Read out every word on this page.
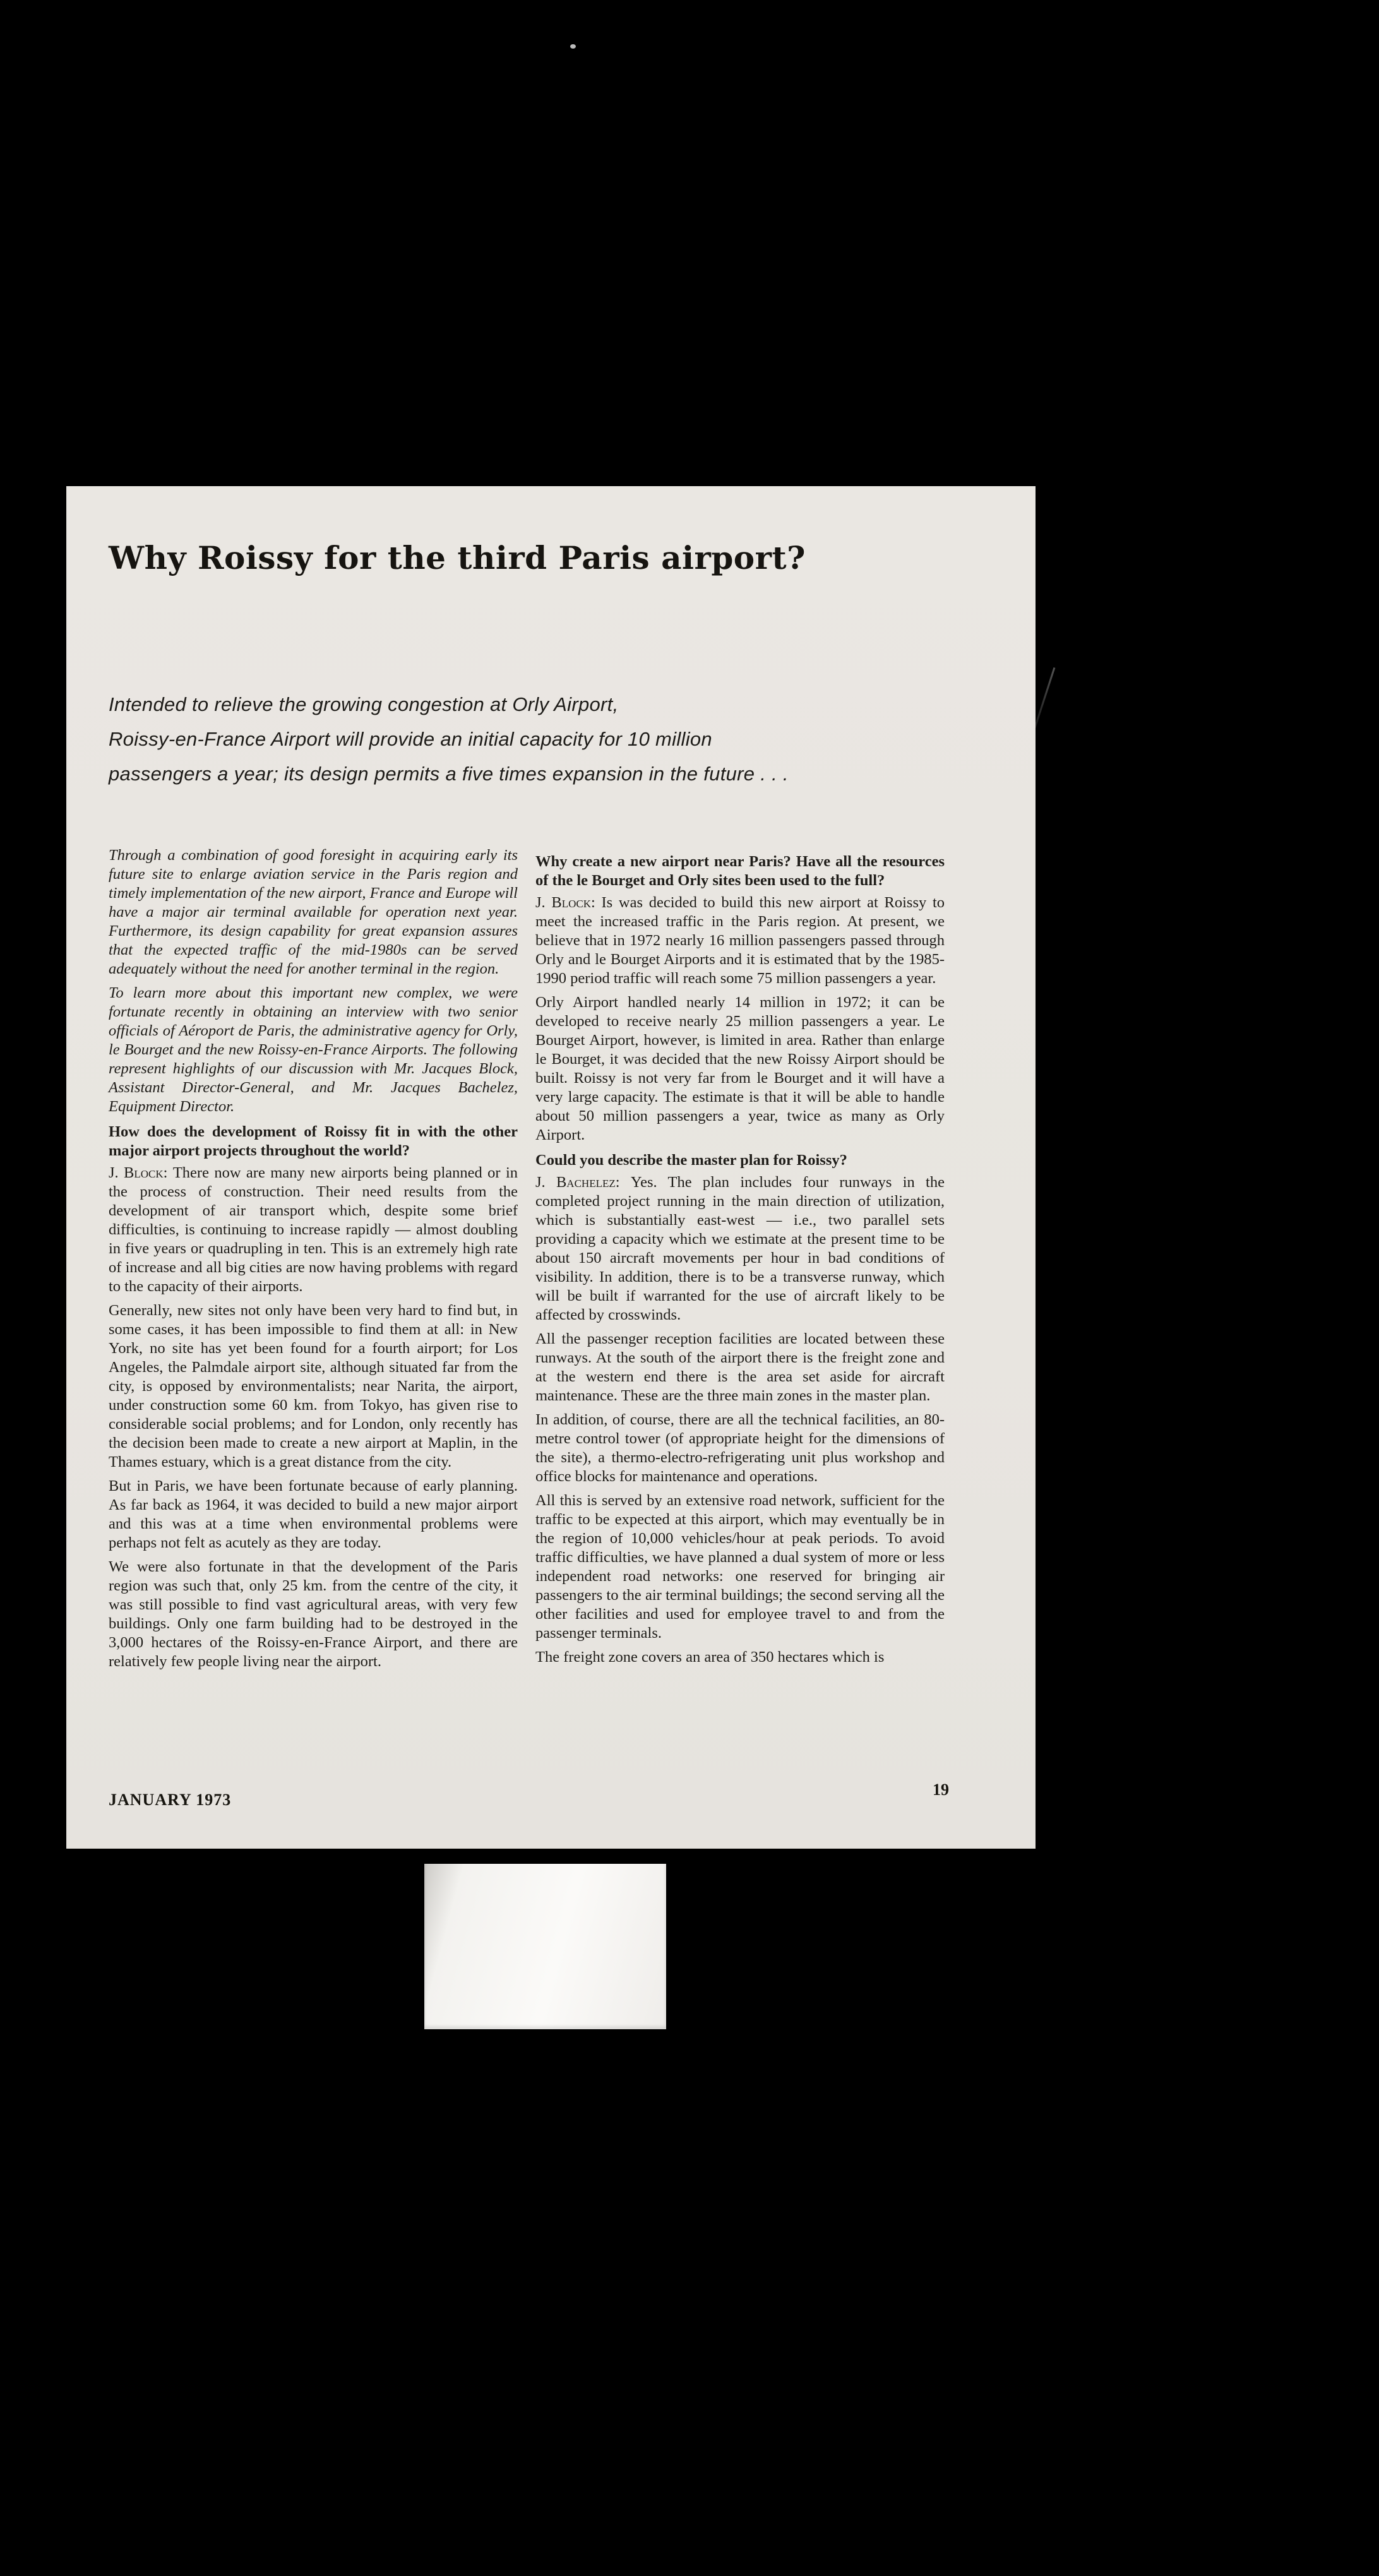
Why Roissy for the third Paris airport?
Intended to relieve the growing congestion at Orly Airport,
Roissy-en-France Airport will provide an initial capacity for 10 million
passengers a year; its design permits a five times expansion in the future . . .

Through a combination of good foresight in acquiring early its future site to enlarge aviation service in the Paris region and timely implementation of the new airport, France and Europe will have a major air terminal available for operation next year. Furthermore, its design capability for great expansion assures that the expected traffic of the mid-1980s can be served adequately without the need for another terminal in the region.

To learn more about this important new complex, we were fortunate recently in obtaining an interview with two senior officials of Aéroport de Paris, the administrative agency for Orly, le Bourget and the new Roissy-en-France Airports. The following represent highlights of our discussion with Mr. Jacques Block, Assistant Director-General, and Mr. Jacques Bachelez, Equipment Director.

How does the development of Roissy fit in with the other major airport projects throughout the world?

J. Block: There now are many new airports being planned or in the process of construction. Their need results from the development of air transport which, despite some brief difficulties, is continuing to increase rapidly — almost doubling in five years or quadrupling in ten. This is an extremely high rate of increase and all big cities are now having problems with regard to the capacity of their airports.

Generally, new sites not only have been very hard to find but, in some cases, it has been impossible to find them at all: in New York, no site has yet been found for a fourth airport; for Los Angeles, the Palmdale airport site, although situated far from the city, is opposed by environmentalists; near Narita, the airport, under construction some 60 km. from Tokyo, has given rise to considerable social problems; and for London, only recently has the decision been made to create a new airport at Maplin, in the Thames estuary, which is a great distance from the city.

But in Paris, we have been fortunate because of early planning. As far back as 1964, it was decided to build a new major airport and this was at a time when environmental problems were perhaps not felt as acutely as they are today.

We were also fortunate in that the development of the Paris region was such that, only 25 km. from the centre of the city, it was still possible to find vast agricultural areas, with very few buildings. Only one farm building had to be destroyed in the 3,000 hectares of the Roissy-en-France Airport, and there are relatively few people living near the airport.

Why create a new airport near Paris? Have all the resources of the le Bourget and Orly sites been used to the full?

J. Block: Is was decided to build this new airport at Roissy to meet the increased traffic in the Paris region. At present, we believe that in 1972 nearly 16 million passengers passed through Orly and le Bourget Airports and it is estimated that by the 1985-1990 period traffic will reach some 75 million passengers a year.

Orly Airport handled nearly 14 million in 1972; it can be developed to receive nearly 25 million passengers a year. Le Bourget Airport, however, is limited in area. Rather than enlarge le Bourget, it was decided that the new Roissy Airport should be built. Roissy is not very far from le Bourget and it will have a very large capacity. The estimate is that it will be able to handle about 50 million passengers a year, twice as many as Orly Airport.

Could you describe the master plan for Roissy?

J. Bachelez: Yes. The plan includes four runways in the completed project running in the main direction of utilization, which is substantially east-west — i.e., two parallel sets providing a capacity which we estimate at the present time to be about 150 aircraft movements per hour in bad conditions of visibility. In addition, there is to be a transverse runway, which will be built if warranted for the use of aircraft likely to be affected by crosswinds.

All the passenger reception facilities are located between these runways. At the south of the airport there is the freight zone and at the western end there is the area set aside for aircraft maintenance. These are the three main zones in the master plan.

In addition, of course, there are all the technical facilities, an 80-metre control tower (of appropriate height for the dimensions of the site), a thermo-electro-refrigerating unit plus workshop and office blocks for maintenance and operations.

All this is served by an extensive road network, sufficient for the traffic to be expected at this airport, which may eventually be in the region of 10,000 vehicles/hour at peak periods. To avoid traffic difficulties, we have planned a dual system of more or less independent road networks: one reserved for bringing air passengers to the air terminal buildings; the second serving all the other facilities and used for employee travel to and from the passenger terminals.

The freight zone covers an area of 350 hectares which is

JANUARY 1973
19
